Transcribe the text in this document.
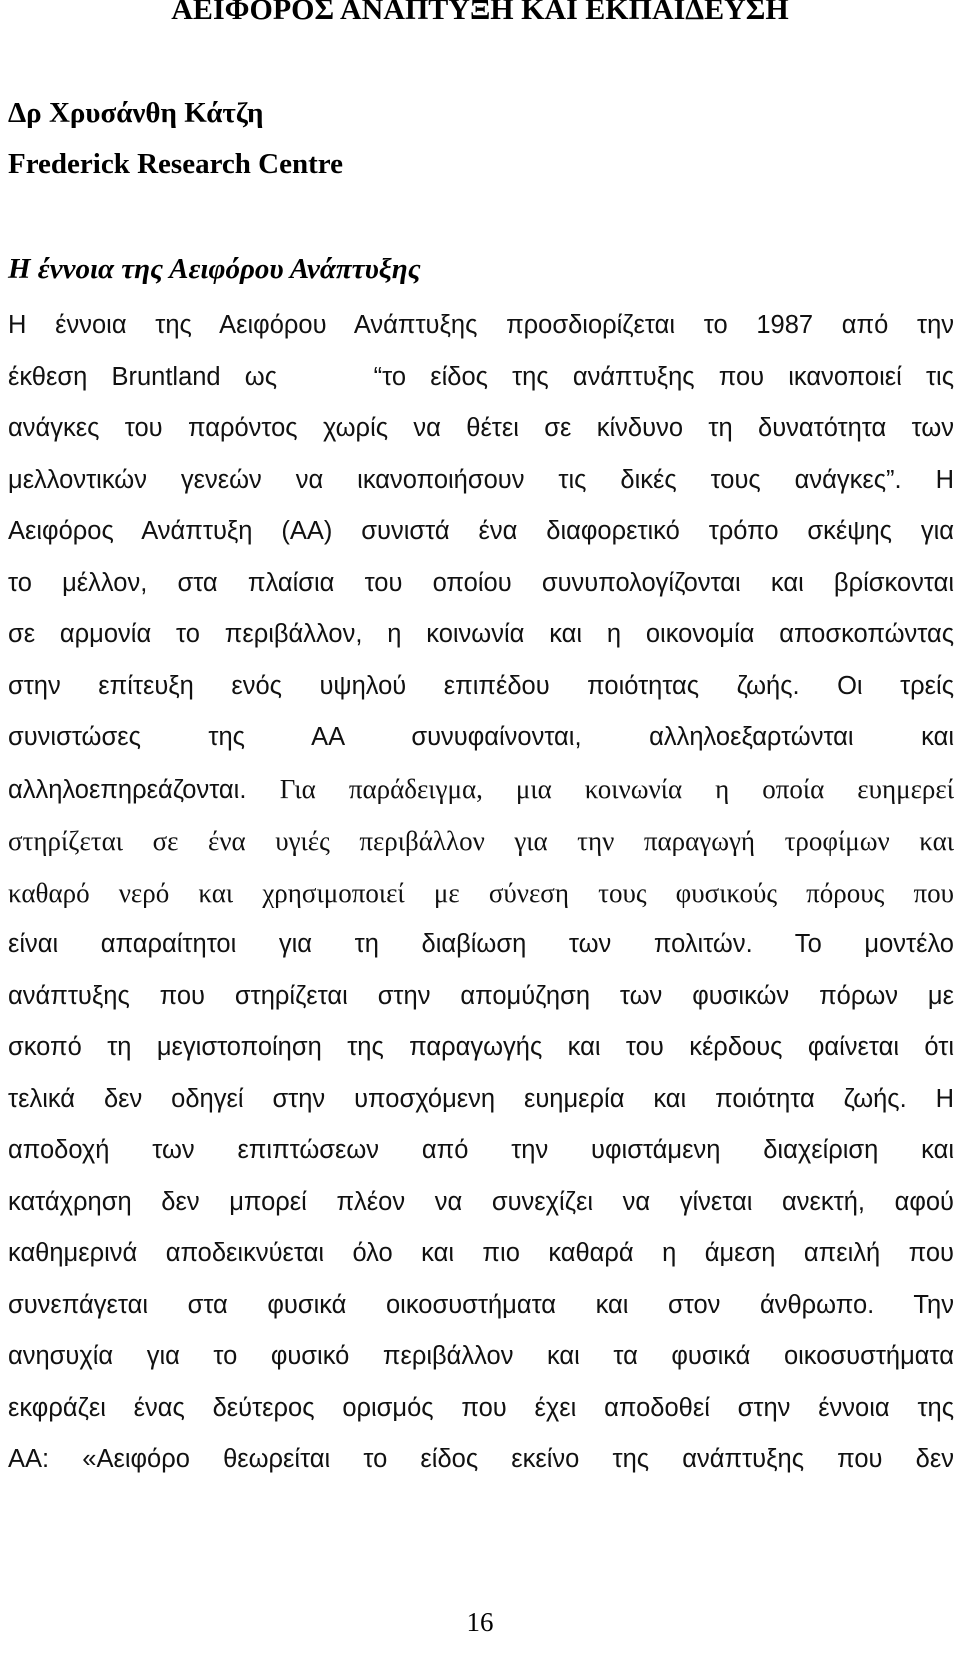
ΑΕΙΦΟΡΟΣ ΑΝΑΠΤΥΞΗ ΚΑΙ ΕΚΠΑΙΔΕΥΣΗ

Δρ Χρυσάνθη Κάτζη

Frederick Research Centre

Η έννοια της Αειφόρου Ανάπτυξης
Η έννοια της Αειφόρου Ανάπτυξης προσδιορίζεται το 1987 από την
έκθεση Bruntland ως    “το είδος της ανάπτυξης που ικανοποιεί τις
ανάγκες του παρόντος χωρίς να θέτει σε κίνδυνο τη δυνατότητα των
μελλοντικών γενεών να ικανοποιήσουν τις δικές τους ανάγκες”. Η
Αειφόρος Ανάπτυξη (ΑΑ) συνιστά ένα διαφορετικό τρόπο σκέψης για
το μέλλον, στα πλαίσια του οποίου συνυπολογίζονται και βρίσκονται
σε αρμονία το περιβάλλον, η κοινωνία και η οικονομία αποσκοπώντας
στην επίτευξη ενός υψηλού επιπέδου ποιότητας ζωής. Οι τρείς
συνιστώσες της ΑΑ συνυφαίνονται, αλληλοεξαρτώνται και
αλληλοεπηρεάζονται. Για παράδειγμα, μια κοινωνία η οποία ευημερεί
στηρίζεται σε ένα υγιές περιβάλλον για την παραγωγή τροφίμων και
καθαρό νερό και χρησιμοποιεί με σύνεση τους φυσικούς πόρους που
είναι απαραίτητοι για τη διαβίωση των πολιτών. Το μοντέλο
ανάπτυξης που στηρίζεται στην απομύζηση των φυσικών πόρων με
σκοπό τη μεγιστοποίηση της παραγωγής και του κέρδους φαίνεται ότι
τελικά δεν οδηγεί στην υποσχόμενη ευημερία και ποιότητα ζωής. Η
αποδοχή των επιπτώσεων από την υφιστάμενη διαχείριση και
κατάχρηση δεν μπορεί πλέον να συνεχίζει να γίνεται ανεκτή, αφού
καθημερινά αποδεικνύεται όλο και πιο καθαρά η άμεση απειλή που
συνεπάγεται στα φυσικά οικοσυστήματα και στον άνθρωπο. Την
ανησυχία για το φυσικό περιβάλλον και τα φυσικά οικοσυστήματα
εκφράζει ένας δεύτερος ορισμός που έχει αποδοθεί στην έννοια της
ΑΑ: «Αειφόρο θεωρείται το είδος εκείνο της ανάπτυξης που δεν

16
